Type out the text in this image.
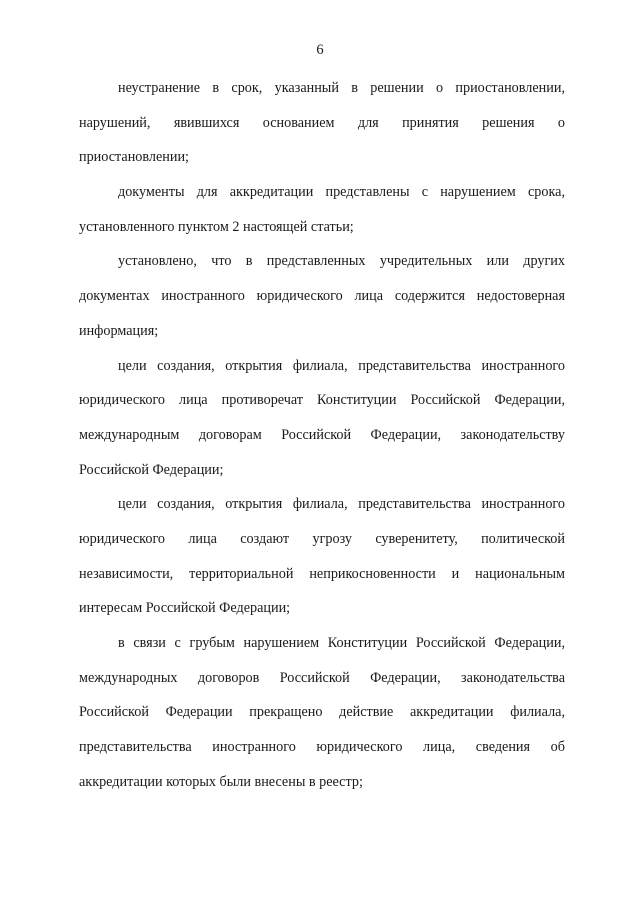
6
неустранение в срок, указанный в решении о приостановлении,
нарушений, явившихся основанием для принятия решения о
приостановлении;
документы для аккредитации представлены с нарушением срока,
установленного пунктом 2 настоящей статьи;
установлено, что в представленных учредительных или других
документах иностранного юридического лица содержится недостоверная
информация;
цели создания, открытия филиала, представительства иностранного
юридического лица противоречат Конституции Российской Федерации,
международным договорам Российской Федерации, законодательству
Российской Федерации;
цели создания, открытия филиала, представительства иностранного
юридического лица создают угрозу суверенитету, политической
независимости, территориальной неприкосновенности и национальным
интересам Российской Федерации;
в связи с грубым нарушением Конституции Российской Федерации,
международных договоров Российской Федерации, законодательства
Российской Федерации прекращено действие аккредитации филиала,
представительства иностранного юридического лица, сведения об
аккредитации которых были внесены в реестр;
